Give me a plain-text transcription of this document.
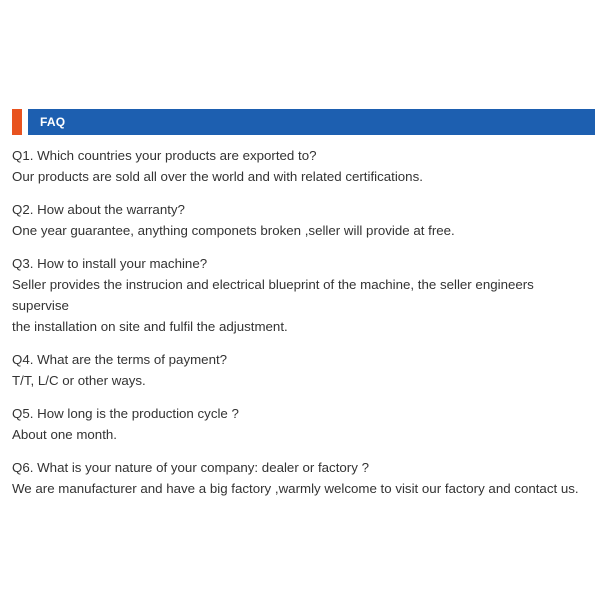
FAQ
Q1. Which countries your products are exported to?
Our products are sold all over the world and with related certifications.
Q2. How about the warranty?
One year guarantee, anything componets broken ,seller will provide at free.
Q3. How to install your machine?
Seller provides the instrucion and electrical blueprint of the machine, the seller engineers
supervise
the installation on site and fulfil the adjustment.
Q4. What are the terms of payment?
T/T, L/C or other ways.
Q5. How long is the production cycle ?
About one month.
Q6. What is your nature of your company: dealer or factory ?
We are manufacturer and have a big factory ,warmly welcome to visit our factory and contact us.
